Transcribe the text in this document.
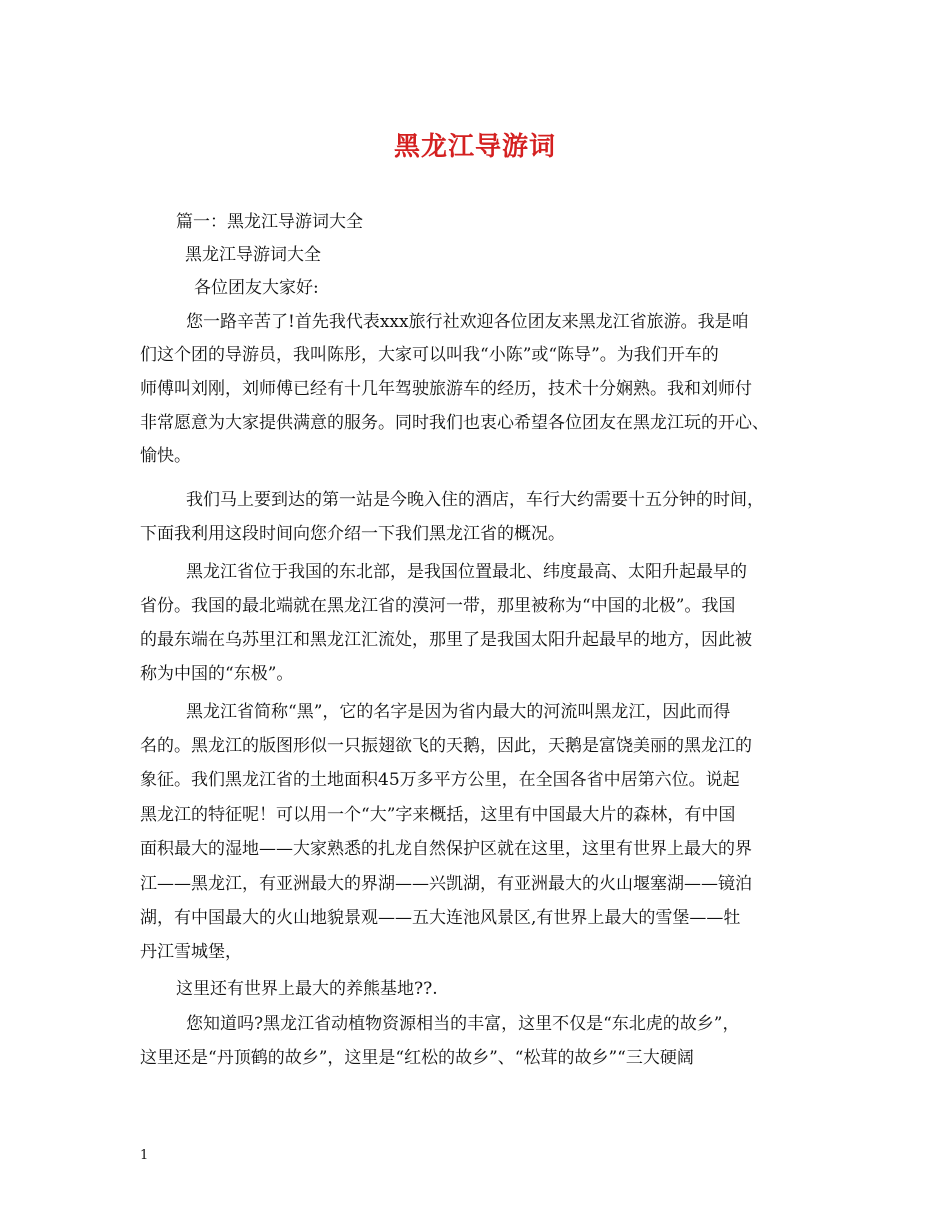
黑龙江导游词
篇一：黑龙江导游词大全
黑龙江导游词大全
各位团友大家好:
您一路辛苦了!首先我代表xxx旅行社欢迎各位团友来黑龙江省旅游。我是咱
们这个团的导游员，我叫陈彤，大家可以叫我“小陈”或“陈导”。为我们开车的
师傅叫刘刚，刘师傅已经有十几年驾驶旅游车的经历，技术十分娴熟。我和刘师付
非常愿意为大家提供满意的服务。同时我们也衷心希望各位团友在黑龙江玩的开心、
愉快。
我们马上要到达的第一站是今晚入住的酒店，车行大约需要十五分钟的时间，
下面我利用这段时间向您介绍一下我们黑龙江省的概况。
黑龙江省位于我国的东北部，是我国位置最北、纬度最高、太阳升起最早的
省份。我国的最北端就在黑龙江省的漠河一带，那里被称为“中国的北极”。我国
的最东端在乌苏里江和黑龙江汇流处，那里了是我国太阳升起最早的地方，因此被
称为中国的“东极”。
黑龙江省简称“黑”，它的名字是因为省内最大的河流叫黑龙江，因此而得
名的。黑龙江的版图形似一只振翅欲飞的天鹅，因此，天鹅是富饶美丽的黑龙江的
象征。我们黑龙江省的土地面积45万多平方公里，在全国各省中居第六位。说起
黑龙江的特征呢！可以用一个“大”字来概括，这里有中国最大片的森林，有中国
面积最大的湿地——大家熟悉的扎龙自然保护区就在这里，这里有世界上最大的界
江——黑龙江，有亚洲最大的界湖——兴凯湖，有亚洲最大的火山堰塞湖——镜泊
湖，有中国最大的火山地貌景观——五大连池风景区,有世界上最大的雪堡——牡
丹江雪城堡，
这里还有世界上最大的养熊基地??.
您知道吗?黑龙江省动植物资源相当的丰富，这里不仅是“东北虎的故乡”，
这里还是“丹顶鹤的故乡”，这里是“红松的故乡”、“松茸的故乡”“三大硬阔
1
